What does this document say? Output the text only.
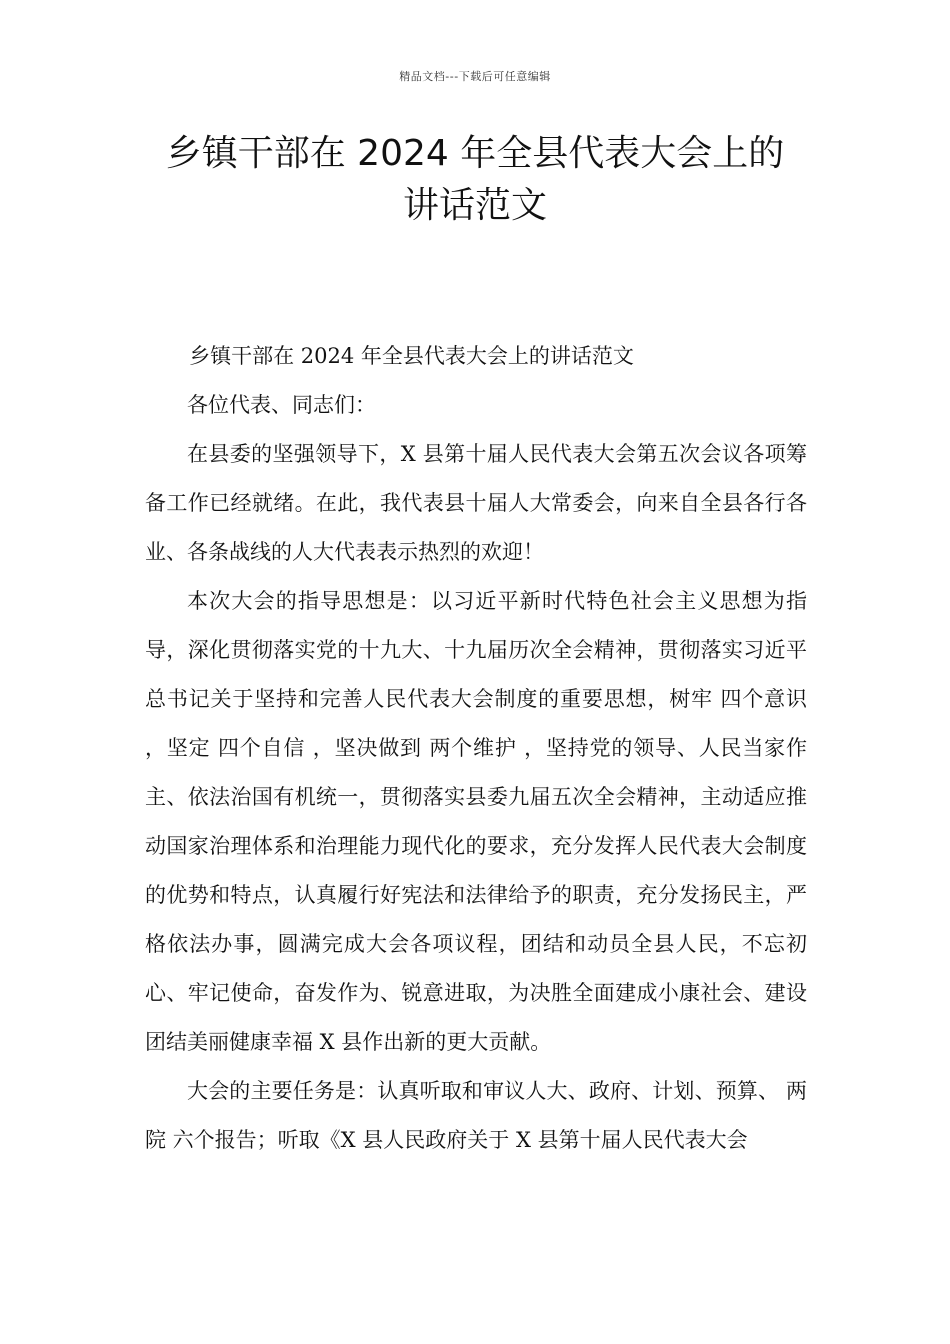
精品文档---下载后可任意编辑
乡镇干部在 2024 年全县代表大会上的
讲话范文

乡镇干部在 2024 年全县代表大会上的讲话范文

各位代表、同志们：

在县委的坚强领导下，X 县第十届人民代表大会第五次会议各项筹备工作已经就绪。在此，我代表县十届人大常委会，向来自全县各行各业、各条战线的人大代表表示热烈的欢迎！

本次大会的指导思想是：以习近平新时代特色社会主义思想为指导，深化贯彻落实党的十九大、十九届历次全会精神，贯彻落实习近平总书记关于坚持和完善人民代表大会制度的重要思想，树牢 四个意识 ，坚定 四个自信 ，坚决做到 两个维护 ，坚持党的领导、人民当家作主、依法治国有机统一，贯彻落实县委九届五次全会精神，主动适应推动国家治理体系和治理能力现代化的要求，充分发挥人民代表大会制度的优势和特点，认真履行好宪法和法律给予的职责，充分发扬民主，严格依法办事，圆满完成大会各项议程，团结和动员全县人民，不忘初心、牢记使命，奋发作为、锐意进取，为决胜全面建成小康社会、建设团结美丽健康幸福 X 县作出新的更大贡献。

大会的主要任务是：认真听取和审议人大、政府、计划、预算、 两院 六个报告；听取《X 县人民政府关于 X 县第十届人民代表大会
